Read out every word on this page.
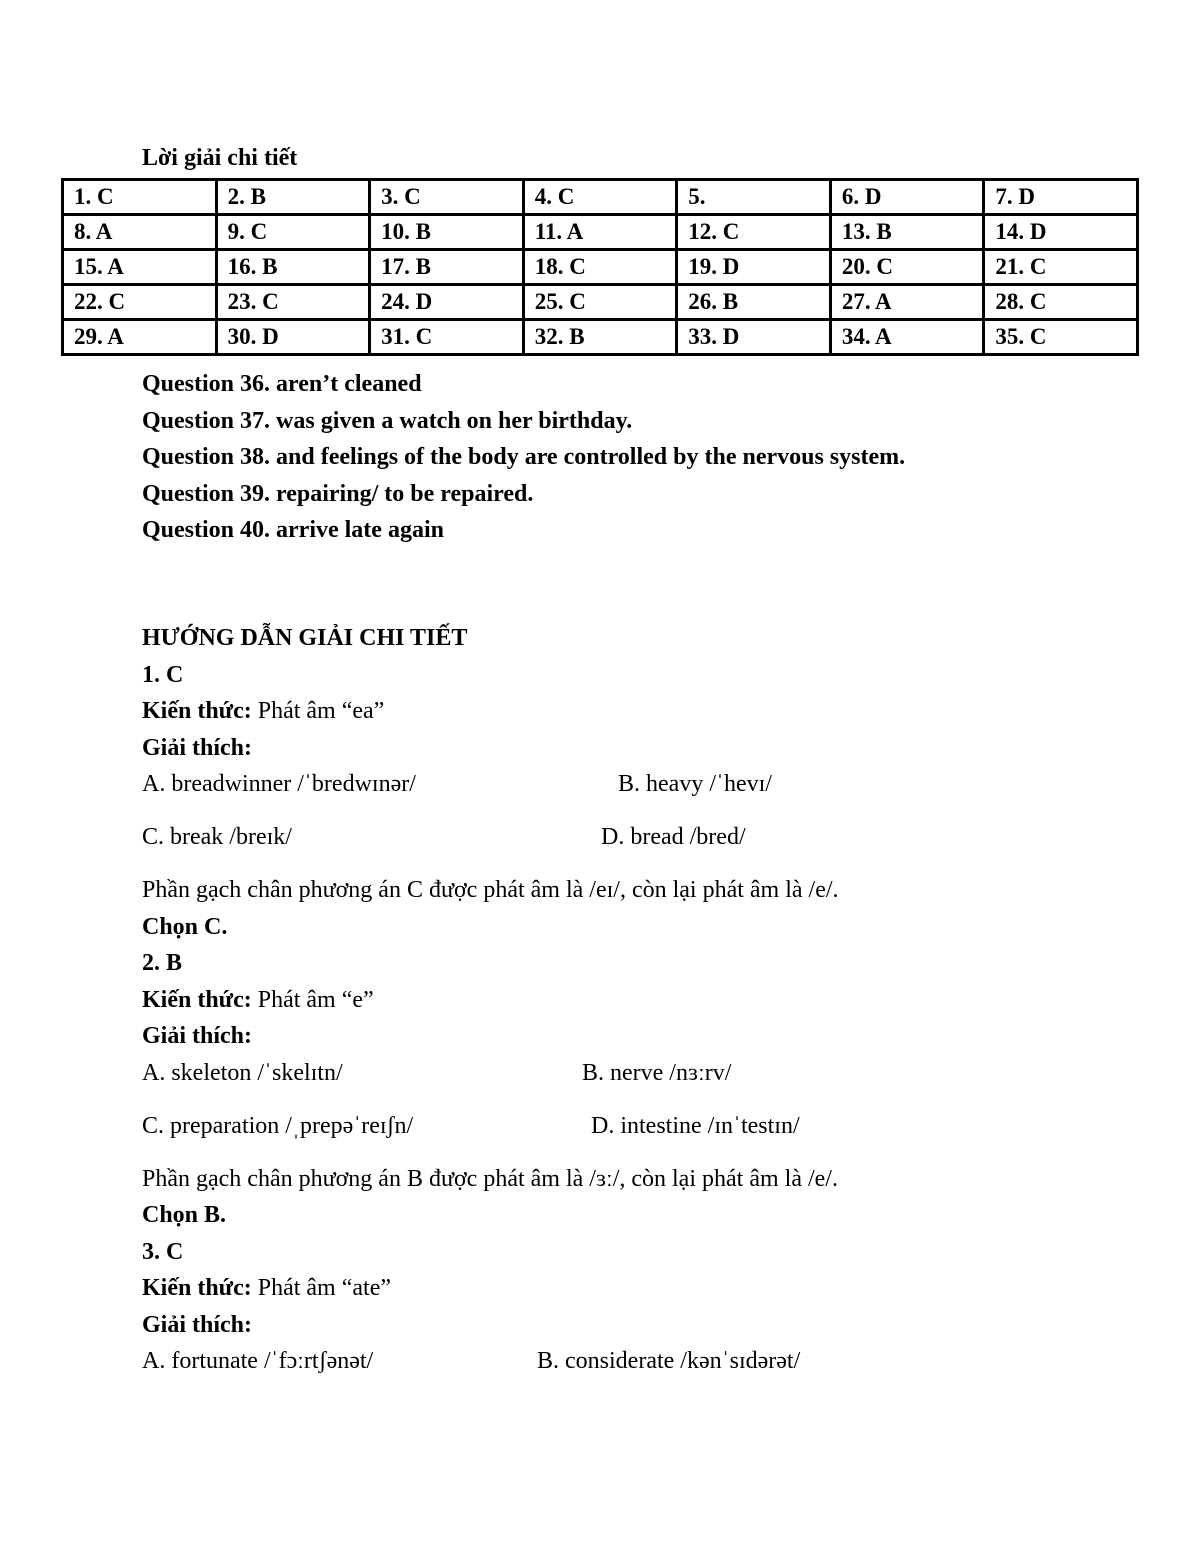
Lời giải chi tiết
1. C	2. B	3. C	4. C	5.	6. D	7. D
8. A	9. C	10. B	11. A	12. C	13. B	14. D
15. A	16. B	17. B	18. C	19. D	20. C	21. C
22. C	23. C	24. D	25. C	26. B	27. A	28. C
29. A	30. D	31. C	32. B	33. D	34. A	35. C
Question 36. aren’t cleaned
Question 37. was given a watch on her birthday.
Question 38. and feelings of the body are controlled by the nervous system.
Question 39. repairing/ to be repaired.
Question 40. arrive late again
HƯỚNG DẪN GIẢI CHI TIẾT
1. C
Kiến thức: Phát âm “ea”
Giải thích:
A. breadwinner /ˈbredwɪnər/	B. heavy /ˈhevɪ/
C. break /breɪk/	D. bread /bred/
Phần gạch chân phương án C được phát âm là /eɪ/, còn lại phát âm là /e/.
Chọn C.
2. B
Kiến thức: Phát âm “e”
Giải thích:
A. skeleton /ˈskelɪtn/	B. nerve /nɜːrv/
C. preparation /ˌprepəˈreɪʃn/	D. intestine /ɪnˈtestɪn/
Phần gạch chân phương án B được phát âm là /ɜː/, còn lại phát âm là /e/.
Chọn B.
3. C
Kiến thức: Phát âm “ate”
Giải thích:
A. fortunate /ˈfɔːrtʃənət/	B. considerate /kənˈsɪdərət/
